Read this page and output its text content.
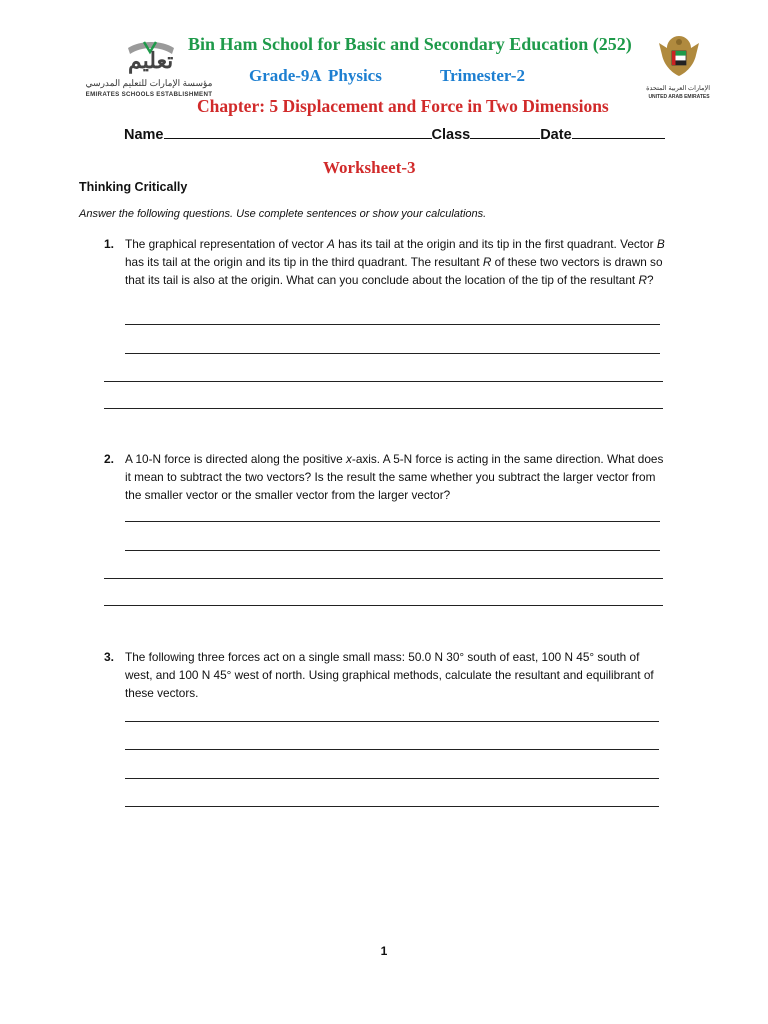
تعليم
مؤسسة الإمارات للتعليم المدرسي
EMIRATES SCHOOLS ESTABLISHMENT
الإمارات العربية المتحدة
UNITED ARAB EMIRATES
Bin Ham School for Basic and Secondary Education (252)
Grade-9A Physics	Trimester-2
Chapter: 5 Displacement and Force in Two Dimensions
Name	Class	Date
Worksheet-3
Thinking Critically
Answer the following questions. Use complete sentences or show your calculations.
1. The graphical representation of vector A has its tail at the origin and its tip in the first quadrant. Vector B has its tail at the origin and its tip in the third quadrant. The resultant R of these two vectors is drawn so that its tail is also at the origin. What can you conclude about the location of the tip of the resultant R?
2. A 10-N force is directed along the positive x-axis. A 5-N force is acting in the same direction. What does it mean to subtract the two vectors? Is the result the same whether you subtract the larger vector from the smaller vector or the smaller vector from the larger vector?
3. The following three forces act on a single small mass: 50.0 N 30° south of east, 100 N 45° south of west, and 100 N 45° west of north. Using graphical methods, calculate the resultant and equilibrant of these vectors.
1
